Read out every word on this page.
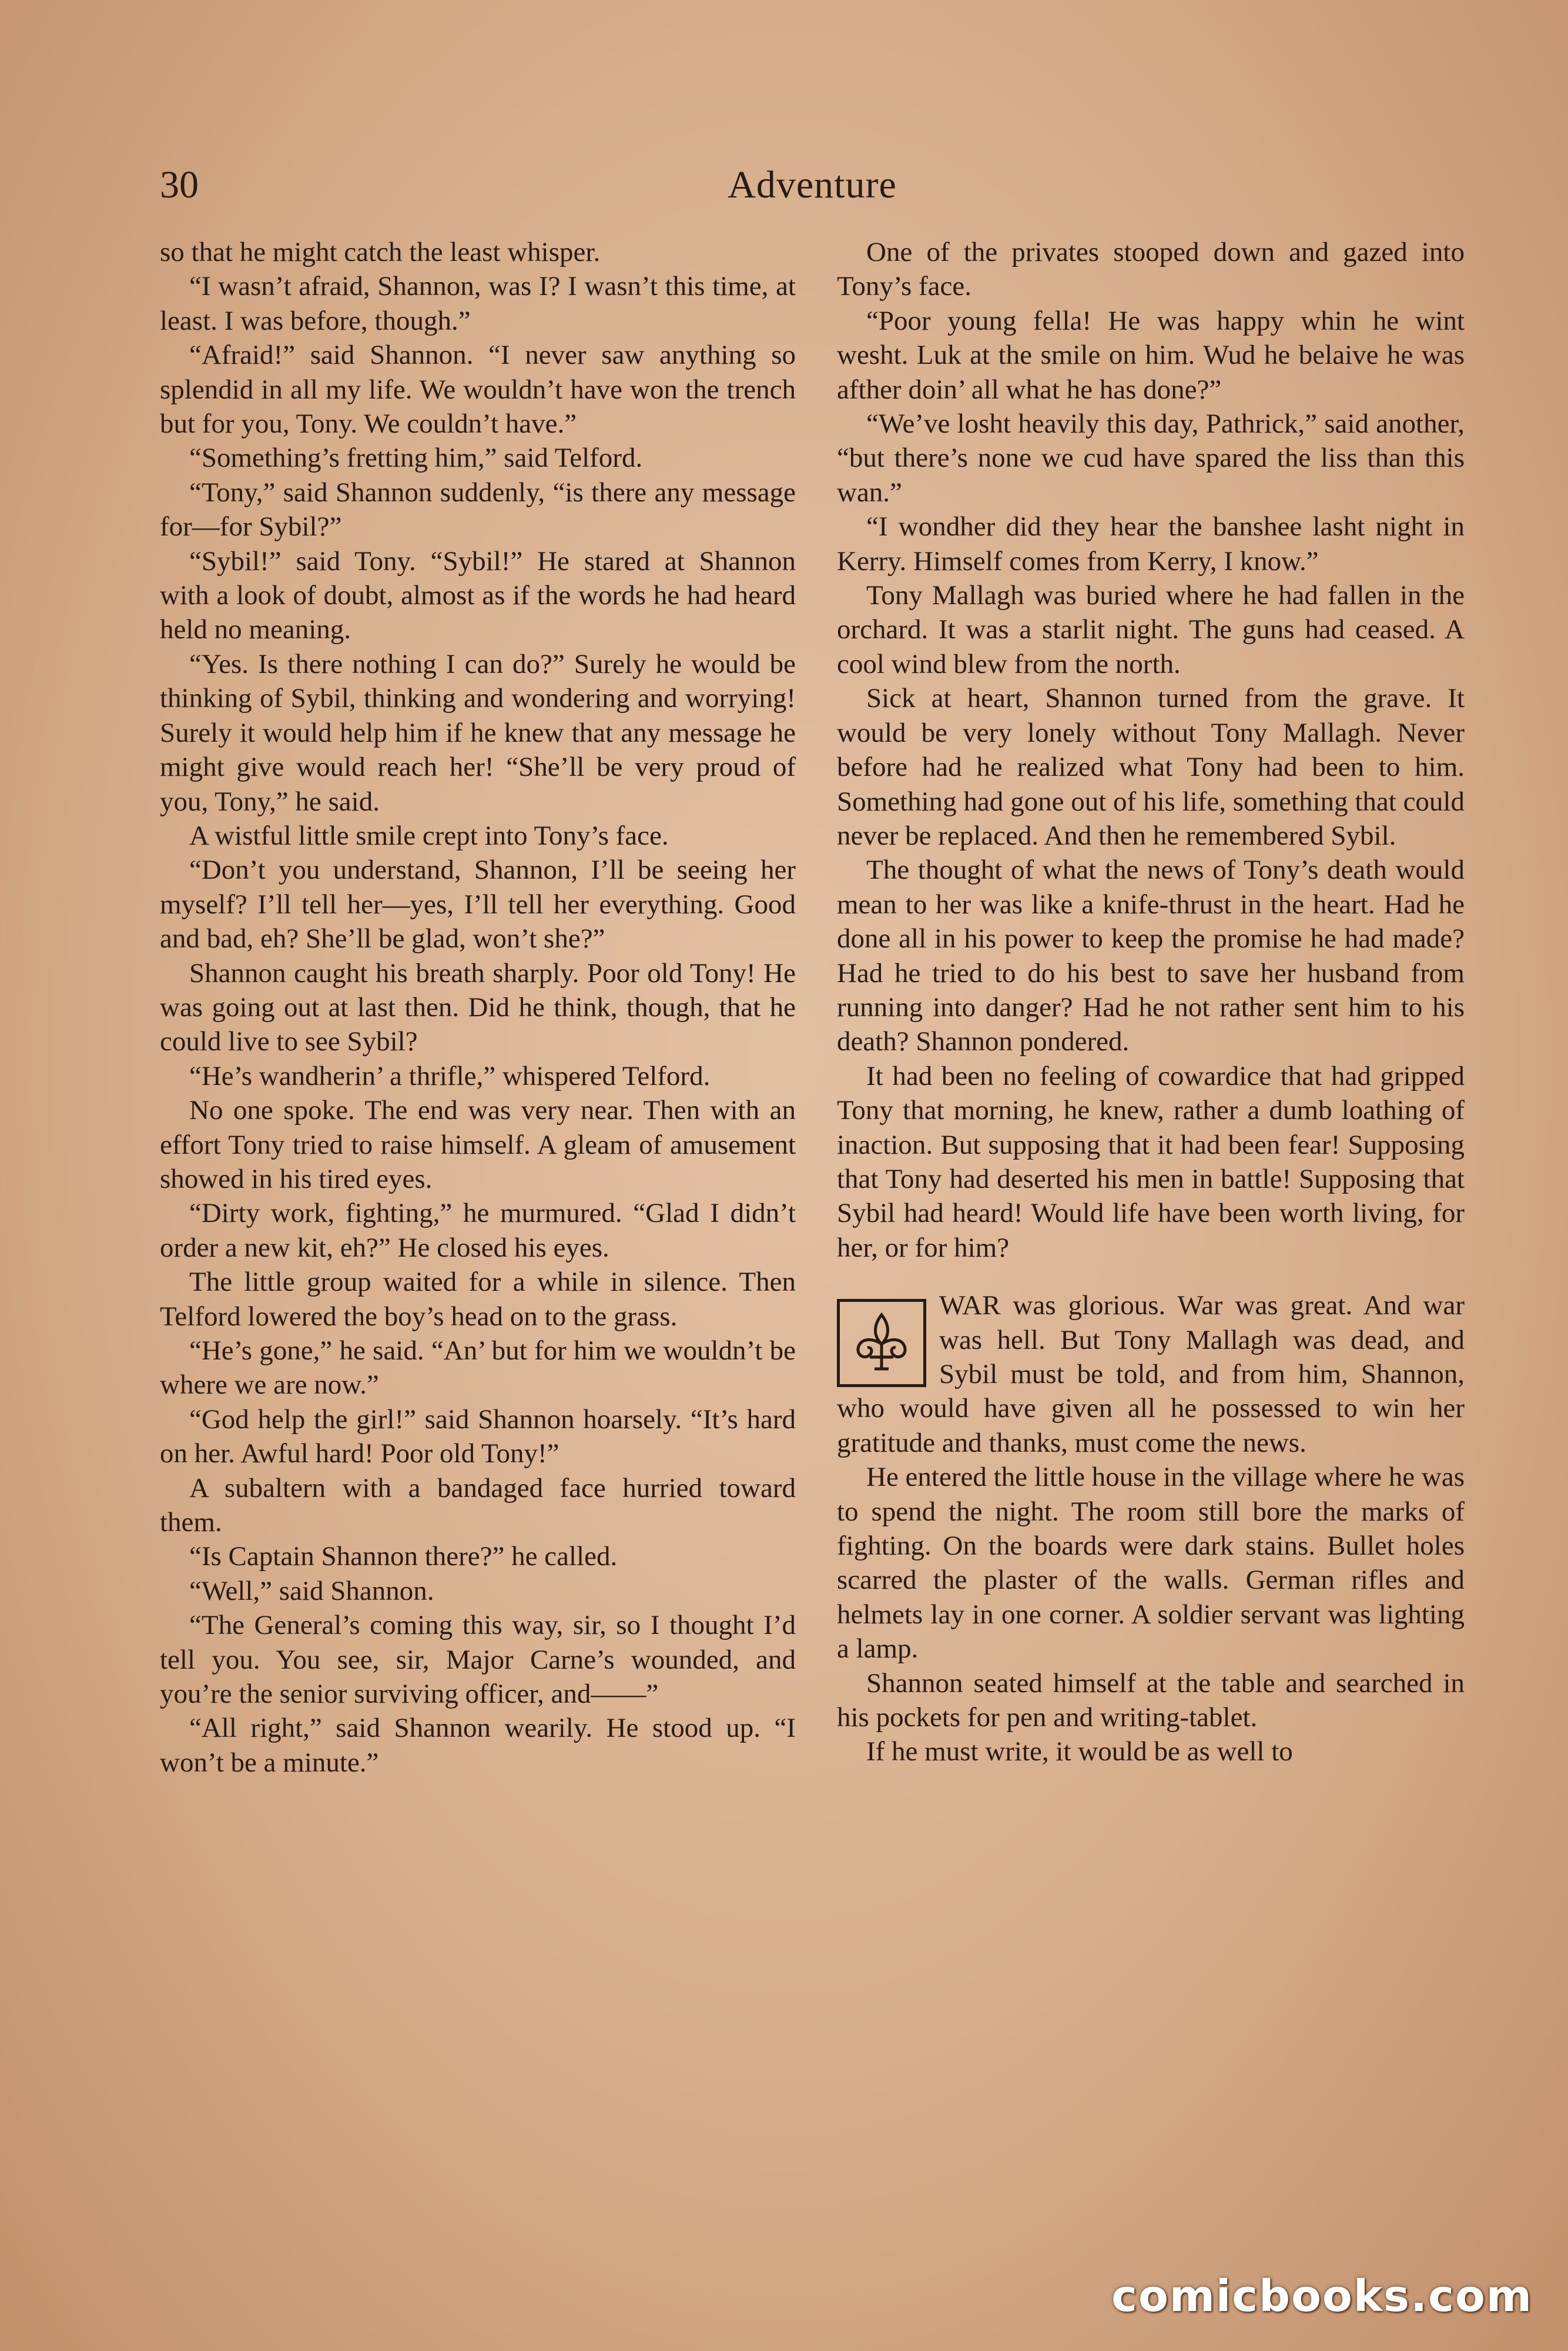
30	Adventure

so that he might catch the least whisper.

“I wasn’t afraid, Shannon, was I? I wasn’t this time, at least. I was before, though.”

“Afraid!” said Shannon. “I never saw anything so splendid in all my life. We wouldn’t have won the trench but for you, Tony. We couldn’t have.”

“Something’s fretting him,” said Telford.

“Tony,” said Shannon suddenly, “is there any message for—for Sybil?”

“Sybil!” said Tony. “Sybil!” He stared at Shannon with a look of doubt, almost as if the words he had heard held no meaning.

“Yes. Is there nothing I can do?” Surely he would be thinking of Sybil, thinking and wondering and worrying! Surely it would help him if he knew that any message he might give would reach her! “She’ll be very proud of you, Tony,” he said.

A wistful little smile crept into Tony’s face.

“Don’t you understand, Shannon, I’ll be seeing her myself? I’ll tell her—yes, I’ll tell her everything. Good and bad, eh? She’ll be glad, won’t she?”

Shannon caught his breath sharply. Poor old Tony! He was going out at last then. Did he think, though, that he could live to see Sybil?

“He’s wandherin’ a thrifle,” whispered Telford.

No one spoke. The end was very near. Then with an effort Tony tried to raise himself. A gleam of amusement showed in his tired eyes.

“Dirty work, fighting,” he murmured. “Glad I didn’t order a new kit, eh?” He closed his eyes.

The little group waited for a while in silence. Then Telford lowered the boy’s head on to the grass.

“He’s gone,” he said. “An’ but for him we wouldn’t be where we are now.”

“God help the girl!” said Shannon hoarsely. “It’s hard on her. Awful hard! Poor old Tony!”

A subaltern with a bandaged face hurried toward them.

“Is Captain Shannon there?” he called.

“Well,” said Shannon.

“The General’s coming this way, sir, so I thought I’d tell you. You see, sir, Major Carne’s wounded, and you’re the senior surviving officer, and——”

“All right,” said Shannon wearily. He stood up. “I won’t be a minute.”

One of the privates stooped down and gazed into Tony’s face.

“Poor young fella! He was happy whin he wint wesht. Luk at the smile on him. Wud he belaive he was afther doin’ all what he has done?”

“We’ve losht heavily this day, Pathrick,” said another, “but there’s none we cud have spared the liss than this wan.”

“I wondher did they hear the banshee lasht night in Kerry. Himself comes from Kerry, I know.”

Tony Mallagh was buried where he had fallen in the orchard. It was a starlit night. The guns had ceased. A cool wind blew from the north.

Sick at heart, Shannon turned from the grave. It would be very lonely without Tony Mallagh. Never before had he realized what Tony had been to him. Something had gone out of his life, something that could never be replaced. And then he remembered Sybil.

The thought of what the news of Tony’s death would mean to her was like a knife-thrust in the heart. Had he done all in his power to keep the promise he had made? Had he tried to do his best to save her husband from running into danger? Had he not rather sent him to his death? Shannon pondered.

It had been no feeling of cowardice that had gripped Tony that morning, he knew, rather a dumb loathing of inaction. But supposing that it had been fear! Supposing that Tony had deserted his men in battle! Supposing that Sybil had heard! Would life have been worth living, for her, or for him?

WAR was glorious. War was great. And war was hell. But Tony Mallagh was dead, and Sybil must be told, and from him, Shannon, who would have given all he possessed to win her gratitude and thanks, must come the news.

He entered the little house in the village where he was to spend the night. The room still bore the marks of fighting. On the boards were dark stains. Bullet holes scarred the plaster of the walls. German rifles and helmets lay in one corner. A soldier servant was lighting a lamp.

Shannon seated himself at the table and searched in his pockets for pen and writing-tablet.

If he must write, it would be as well to

comicbooks.com
